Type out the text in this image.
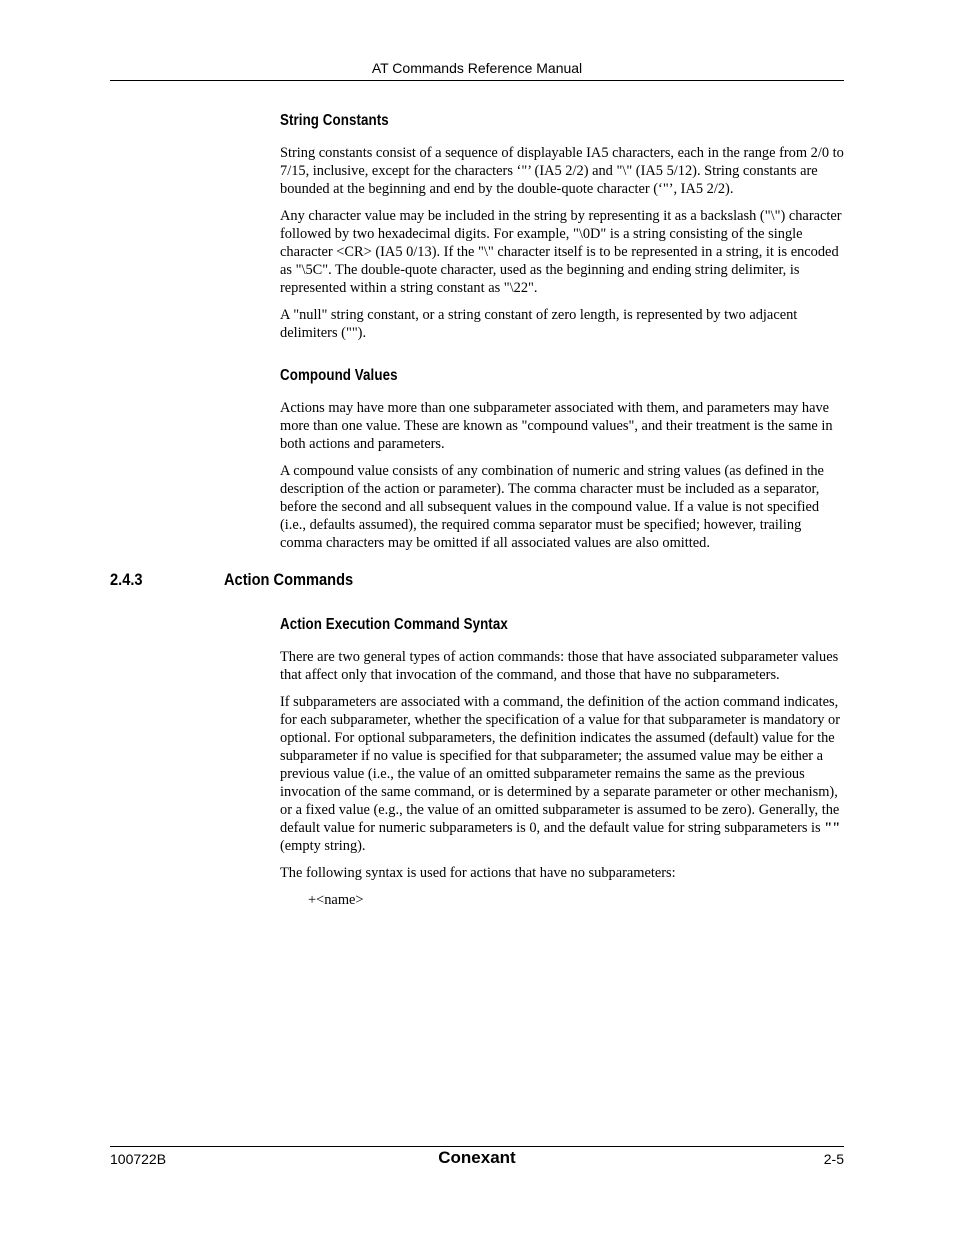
AT Commands Reference Manual
String Constants

String constants consist of a sequence of displayable IA5 characters, each in the range from 2/0 to 7/15, inclusive, except for the characters ‘"’ (IA5 2/2) and "\" (IA5 5/12). String constants are bounded at the beginning and end by the double-quote character (‘"’, IA5 2/2).

Any character value may be included in the string by representing it as a backslash ("\") character followed by two hexadecimal digits. For example, "\0D" is a string consisting of the single character <CR> (IA5 0/13). If the "\" character itself is to be represented in a string, it is encoded as "\5C". The double-quote character, used as the beginning and ending string delimiter, is represented within a string constant as "\22".

A "null" string constant, or a string constant of zero length, is represented by two adjacent delimiters ("").

Compound Values

Actions may have more than one subparameter associated with them, and parameters may have more than one value. These are known as "compound values", and their treatment is the same in both actions and parameters.

A compound value consists of any combination of numeric and string values (as defined in the description of the action or parameter). The comma character must be included as a separator, before the second and all subsequent values in the compound value. If a value is not specified (i.e., defaults assumed), the required comma separator must be specified; however, trailing comma characters may be omitted if all associated values are also omitted.

2.4.3	Action Commands
Action Execution Command Syntax

There are two general types of action commands: those that have associated subparameter values that affect only that invocation of the command, and those that have no subparameters.

If subparameters are associated with a command, the definition of the action command indicates, for each subparameter, whether the specification of a value for that subparameter is mandatory or optional. For optional subparameters, the definition indicates the assumed (default) value for the subparameter if no value is specified for that subparameter; the assumed value may be either a previous value (i.e., the value of an omitted subparameter remains the same as the previous invocation of the same command, or is determined by a separate parameter or other mechanism), or a fixed value (e.g., the value of an omitted subparameter is assumed to be zero). Generally, the default value for numeric subparameters is 0, and the default value for string subparameters is "" (empty string).

The following syntax is used for actions that have no subparameters:

+<name>
100722B	Conexant	2-5
